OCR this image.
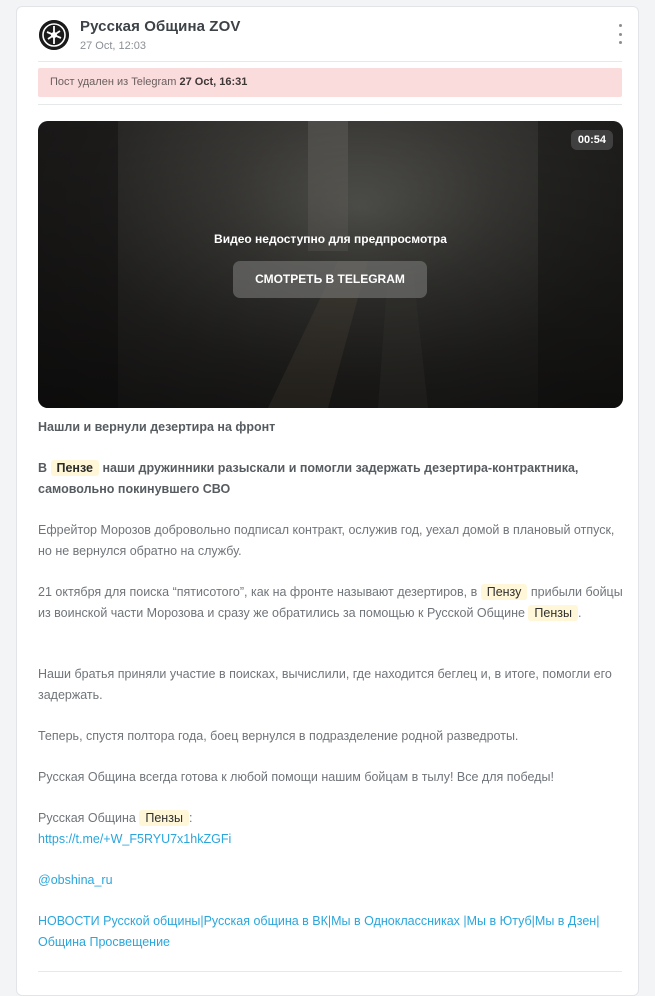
Русская Община ZOV
27 Oct, 12:03
Пост удален из Telegram 27 Oct, 16:31
00:54
Видео недоступно для предпросмотра
СМОТРЕТЬ В TELEGRAM
Нашли и вернули дезертира на фронт
В Пензе наши дружинники разыскали и помогли задержать дезертира-контрактника, самовольно покинувшего СВО
Ефрейтор Морозов добровольно подписал контракт, ослужив год, уехал домой в плановый отпуск, но не вернулся обратно на службу.
21 октября для поиска “пятисотого”, как на фронте называют дезертиров, в Пензу прибыли бойцы из воинской части Морозова и сразу же обратились за помощью к Русской Общине Пензы .
Наши братья приняли участие в поисках, вычислили, где находится беглец и, в итоге, помогли его задержать.
Теперь, спустя полтора года, боец вернулся в подразделение родной разведроты.
Русская Община всегда готова к любой помощи нашим бойцам в тылу! Все для победы!
Русская Община Пензы :
https://t.me/+W_F5RYU7x1hkZGFi
@obshina_ru
НОВОСТИ Русской общины|Русская община в ВК|Мы в Одноклассниках |Мы в Ютуб|Мы в Дзен|Община Просвещение
